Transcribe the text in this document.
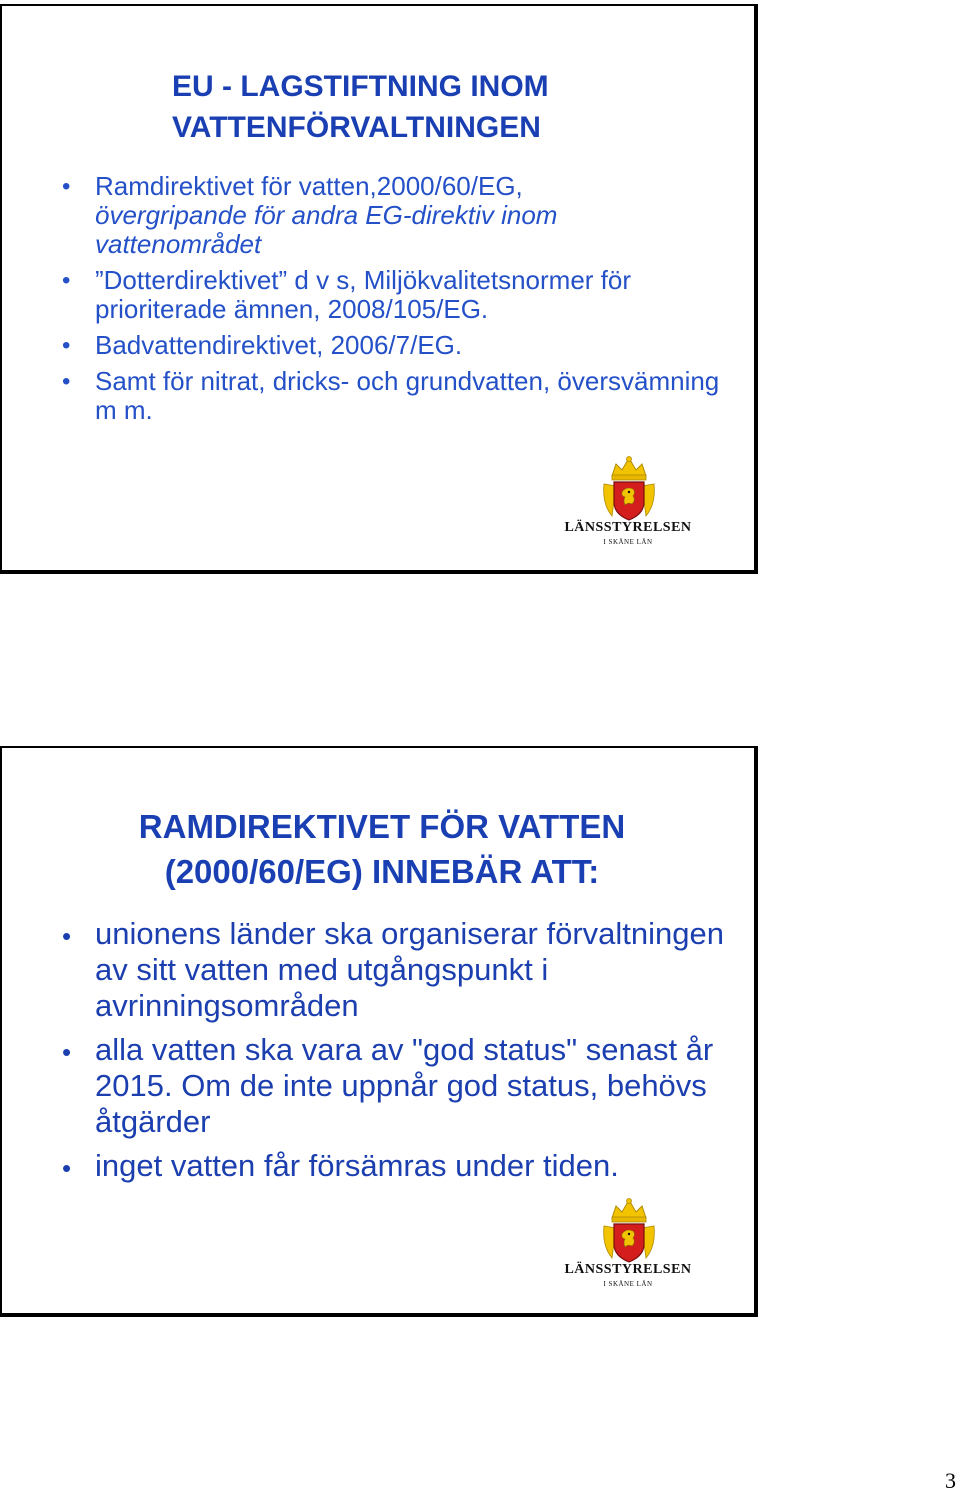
EU - LAGSTIFTNING INOM
VATTENFÖRVALTNINGEN
• Ramdirektivet för vatten,2000/60/EG,
övergripande för andra EG-direktiv inom vattenområdet
• ”Dotterdirektivet” d v s, Miljökvalitetsnormer för prioriterade ämnen, 2008/105/EG.
• Badvattendirektivet, 2006/7/EG.
• Samt för nitrat, dricks- och grundvatten, översvämning m m.
LÄNSSTYRELSEN
I SKÅNE LÄN
RAMDIREKTIVET FÖR VATTEN
(2000/60/EG) INNEBÄR ATT:
• unionens länder ska organiserar förvaltningen av sitt vatten med utgångspunkt i avrinningsområden
• alla vatten ska vara av "god status" senast år 2015. Om de inte uppnår god status, behövs åtgärder
• inget vatten får försämras under tiden.
LÄNSSTYRELSEN
I SKÅNE LÄN
3
